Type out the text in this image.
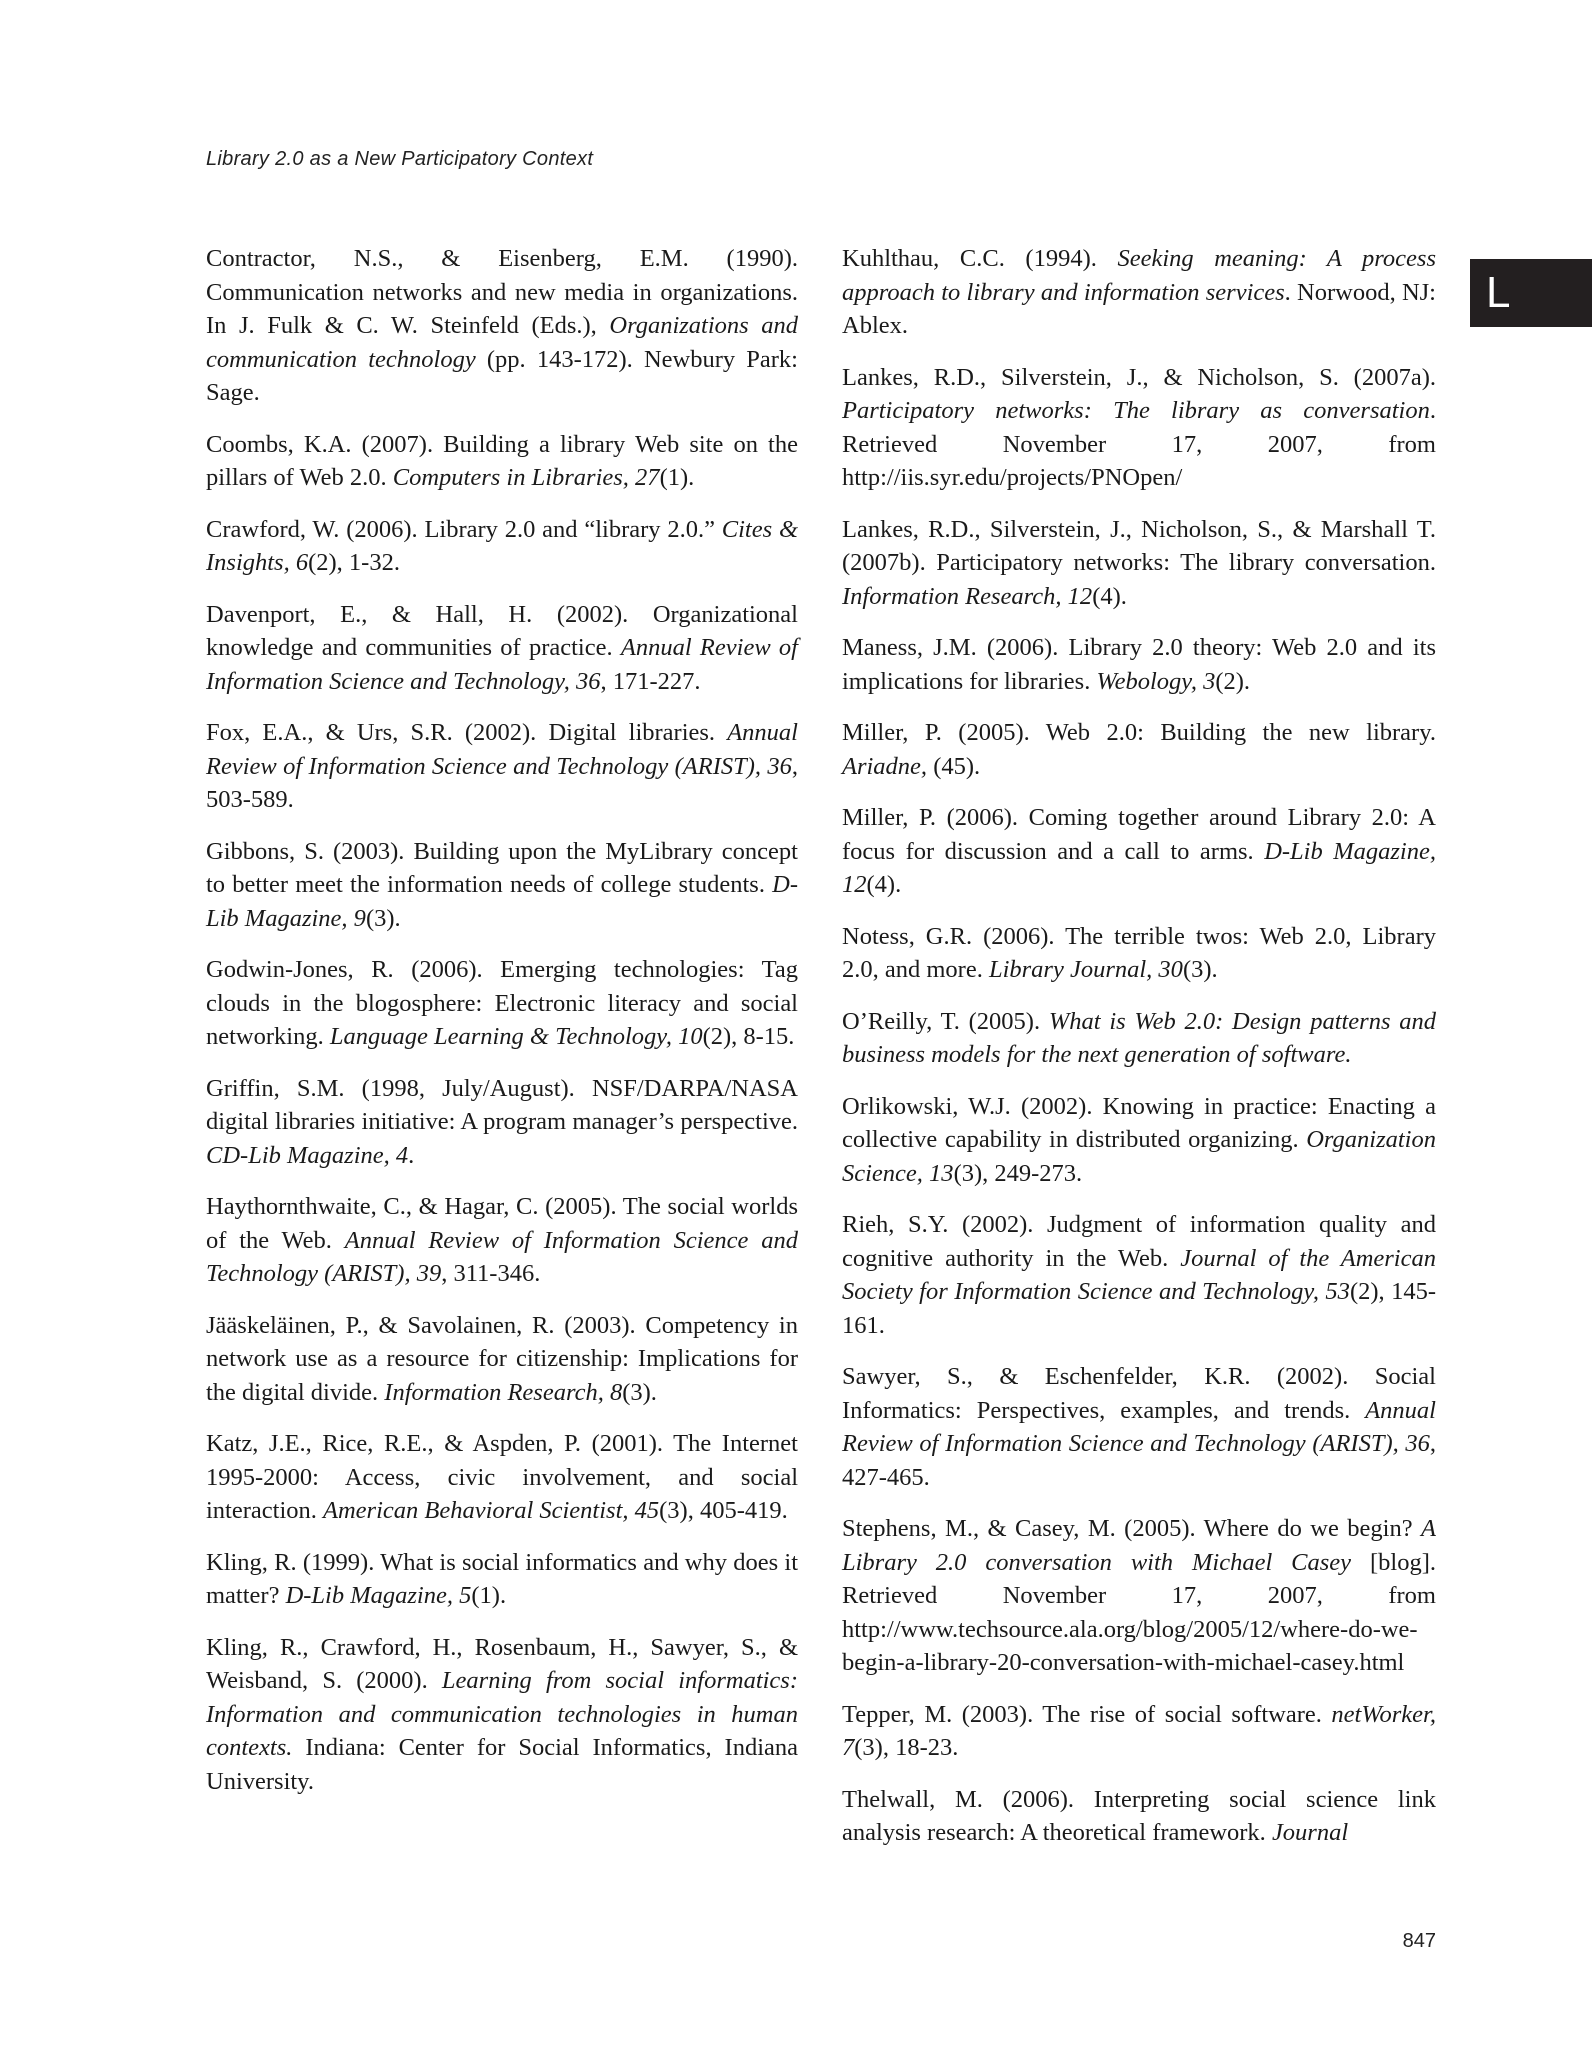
Library 2.0 as a New Participatory Context
L

Contractor, N.S., & Eisenberg, E.M. (1990). Communication networks and new media in organizations. In J. Fulk & C. W. Steinfeld (Eds.), Organizations and communication technology (pp. 143-172). Newbury Park: Sage.

Coombs, K.A. (2007). Building a library Web site on the pillars of Web 2.0. Computers in Libraries, 27(1).

Crawford, W. (2006). Library 2.0 and “library 2.0.” Cites & Insights, 6(2), 1-32.

Davenport, E., & Hall, H. (2002). Organizational knowledge and communities of practice. Annual Review of Information Science and Technology, 36, 171-227.

Fox, E.A., & Urs, S.R. (2002). Digital libraries. Annual Review of Information Science and Technology (ARIST), 36, 503-589.

Gibbons, S. (2003). Building upon the MyLibrary concept to better meet the information needs of college students. D-Lib Magazine, 9(3).

Godwin-Jones, R. (2006). Emerging technologies: Tag clouds in the blogosphere: Electronic literacy and social networking. Language Learning & Technology, 10(2), 8-15.

Griffin, S.M. (1998, July/August). NSF/DARPA/NASA digital libraries initiative: A program manager’s perspective. CD-Lib Magazine, 4.

Haythornthwaite, C., & Hagar, C. (2005). The social worlds of the Web. Annual Review of Information Science and Technology (ARIST), 39, 311-346.

Jääskeläinen, P., & Savolainen, R. (2003). Competency in network use as a resource for citizenship: Implications for the digital divide. Information Research, 8(3).

Katz, J.E., Rice, R.E., & Aspden, P. (2001). The Internet 1995-2000: Access, civic involvement, and social interaction. American Behavioral Scientist, 45(3), 405-419.

Kling, R. (1999). What is social informatics and why does it matter? D-Lib Magazine, 5(1).

Kling, R., Crawford, H., Rosenbaum, H., Sawyer, S., & Weisband, S. (2000). Learning from social informatics: Information and communication technologies in human contexts. Indiana: Center for Social Informatics, Indiana University.

Kuhlthau, C.C. (1994). Seeking meaning: A process approach to library and information services. Norwood, NJ: Ablex.

Lankes, R.D., Silverstein, J., & Nicholson, S. (2007a). Participatory networks: The library as conversation. Retrieved November 17, 2007, from http://iis.syr.edu/projects/PNOpen/

Lankes, R.D., Silverstein, J., Nicholson, S., & Marshall T. (2007b). Participatory networks: The library conversation. Information Research, 12(4).

Maness, J.M. (2006). Library 2.0 theory: Web 2.0 and its implications for libraries. Webology, 3(2).

Miller, P. (2005). Web 2.0: Building the new library. Ariadne, (45).

Miller, P. (2006). Coming together around Library 2.0: A focus for discussion and a call to arms. D-Lib Magazine, 12(4).

Notess, G.R. (2006). The terrible twos: Web 2.0, Library 2.0, and more. Library Journal, 30(3).

O’Reilly, T. (2005). What is Web 2.0: Design patterns and business models for the next generation of software.

Orlikowski, W.J. (2002). Knowing in practice: Enacting a collective capability in distributed organizing. Organization Science, 13(3), 249-273.

Rieh, S.Y. (2002). Judgment of information quality and cognitive authority in the Web. Journal of the American Society for Information Science and Technology, 53(2), 145-161.

Sawyer, S., & Eschenfelder, K.R. (2002). Social Informatics: Perspectives, examples, and trends. Annual Review of Information Science and Technology (ARIST), 36, 427-465.

Stephens, M., & Casey, M. (2005). Where do we begin? A Library 2.0 conversation with Michael Casey [blog]. Retrieved November 17, 2007, from http://www.techsource.ala.org/blog/2005/12/where-do-we-begin-a-library-20-conversation-with-michael-casey.html

Tepper, M. (2003). The rise of social software. netWorker, 7(3), 18-23.

Thelwall, M. (2006). Interpreting social science link analysis research: A theoretical framework. Journal

847
